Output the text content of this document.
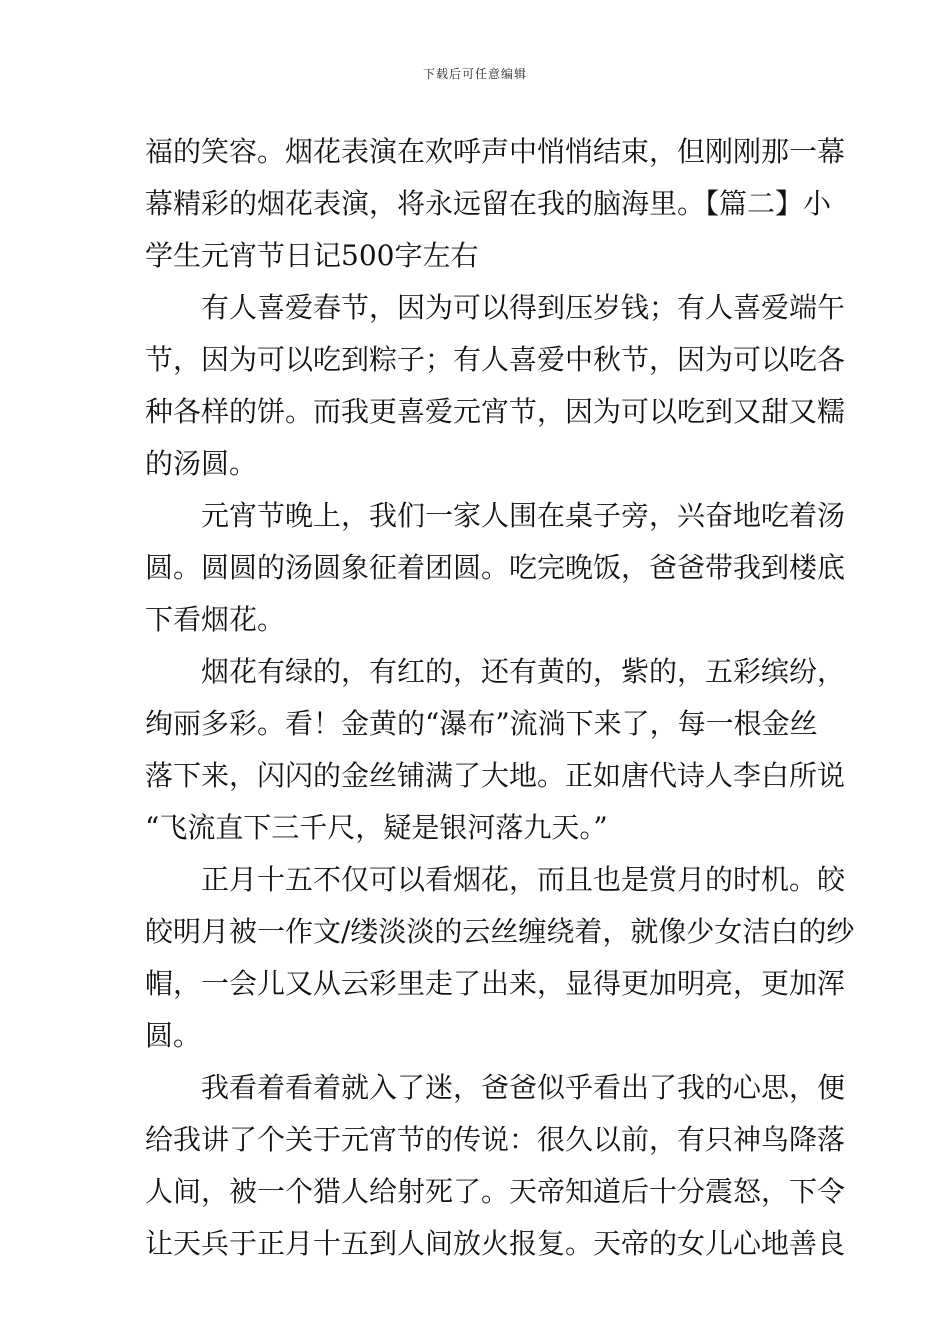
下载后可任意编辑
福的笑容。烟花表演在欢呼声中悄悄结束，但刚刚那一幕
幕精彩的烟花表演，将永远留在我的脑海里。【篇二】小
学生元宵节日记500字左右
有人喜爱春节，因为可以得到压岁钱；有人喜爱端午
节，因为可以吃到粽子；有人喜爱中秋节，因为可以吃各
种各样的饼。而我更喜爱元宵节，因为可以吃到又甜又糯
的汤圆。
元宵节晚上，我们一家人围在桌子旁，兴奋地吃着汤
圆。圆圆的汤圆象征着团圆。吃完晚饭，爸爸带我到楼底
下看烟花。
烟花有绿的，有红的，还有黄的，紫的，五彩缤纷，
绚丽多彩。看！金黄的“瀑布”流淌下来了，每一根金丝
落下来，闪闪的金丝铺满了大地。正如唐代诗人李白所说
“飞流直下三千尺，疑是银河落九天。”
正月十五不仅可以看烟花，而且也是赏月的时机。皎
皎明月被一作文/缕淡淡的云丝缠绕着，就像少女洁白的纱
帽，一会儿又从云彩里走了出来，显得更加明亮，更加浑
圆。
我看着看着就入了迷，爸爸似乎看出了我的心思，便
给我讲了个关于元宵节的传说：很久以前，有只神鸟降落
人间，被一个猎人给射死了。天帝知道后十分震怒，下令
让天兵于正月十五到人间放火报复。天帝的女儿心地善良
